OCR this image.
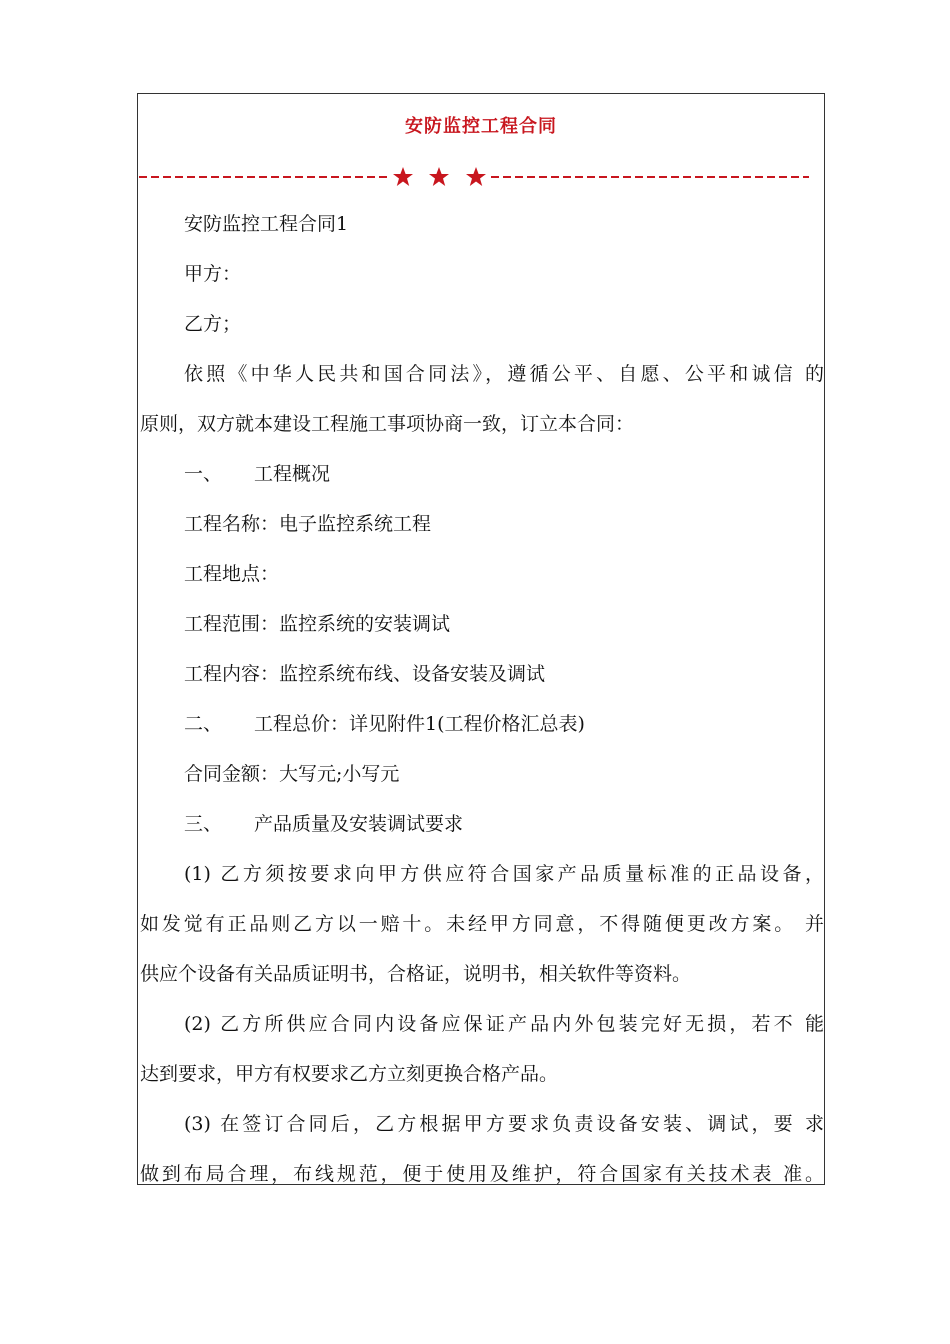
安防监控工程合同
安防监控工程合同1
甲方：
乙方；
依照《中华人民共和国合同法》，遵循公平、自愿、公平和诚信 的
原则，双方就本建设工程施工事项协商一致，订立本合同：
一、 工程概况
工程名称：电子监控系统工程
工程地点：
工程范围：监控系统的安装调试
工程内容：监控系统布线、设备安装及调试
二、 工程总价：详见附件1(工程价格汇总表)
合同金额：大写元;小写元
三、 产品质量及安装调试要求
(1) 乙方须按要求向甲方供应符合国家产品质量标准的正品设备，
如发觉有正品则乙方以一赔十。未经甲方同意，不得随便更改方案。 并
供应个设备有关品质证明书，合格证，说明书，相关软件等资料。
(2) 乙方所供应合同内设备应保证产品内外包装完好无损，若不 能
达到要求，甲方有权要求乙方立刻更换合格产品。
(3) 在签订合同后，乙方根据甲方要求负责设备安装、调试，要 求
做到布局合理，布线规范，便于使用及维护，符合国家有关技术表 准。
